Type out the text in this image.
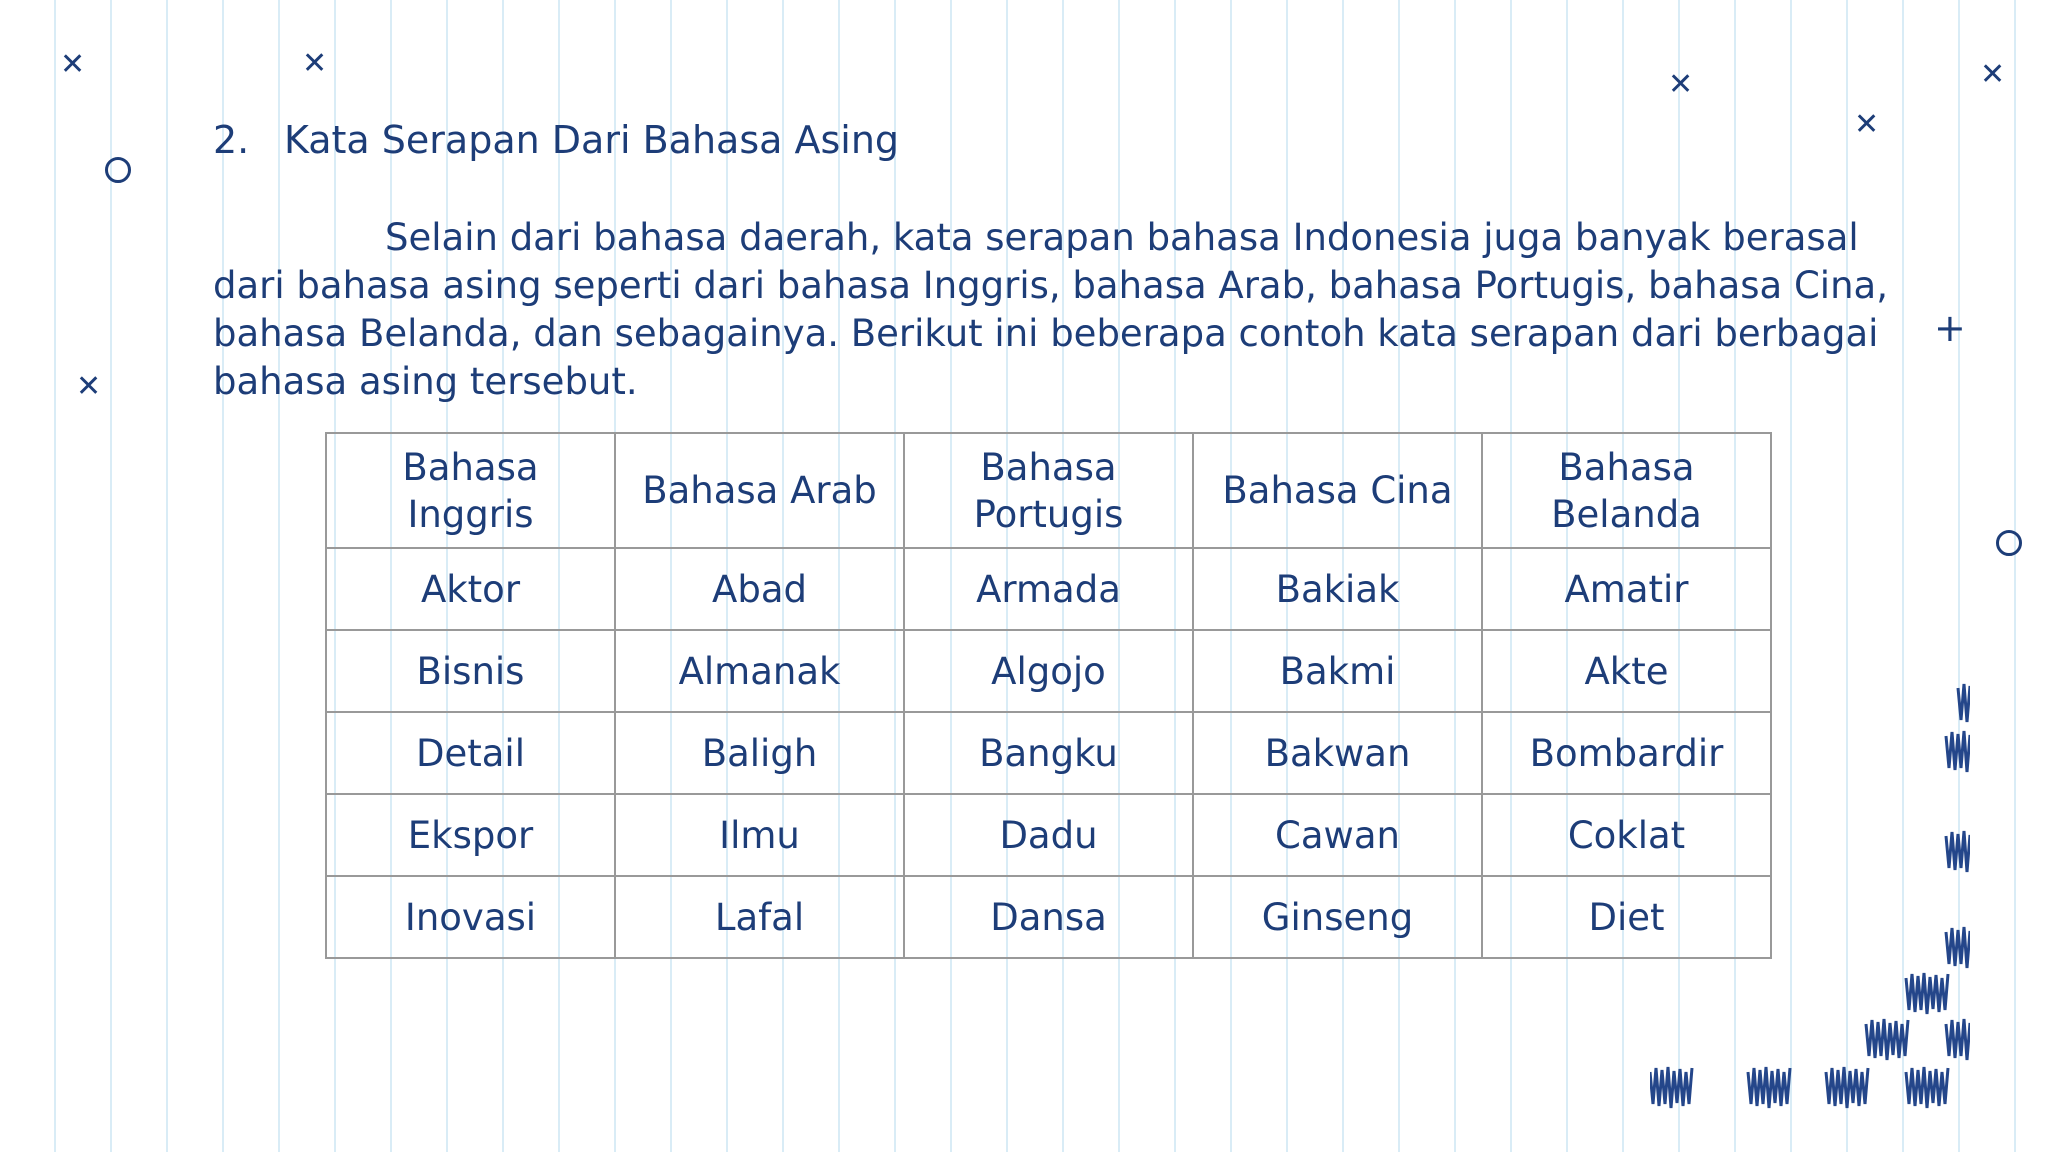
✕	✕
✕	✕
✕
✕
+
2. Kata Serapan Dari Bahasa Asing

Selain dari bahasa daerah, kata serapan bahasa Indonesia juga banyak berasal dari bahasa asing seperti dari bahasa Inggris, bahasa Arab, bahasa Portugis, bahasa Cina, bahasa Belanda, dan sebagainya. Berikut ini beberapa contoh kata serapan dari berbagai bahasa asing tersebut.

Bahasa Inggris	Bahasa Arab	Bahasa Portugis	Bahasa Cina	Bahasa Belanda
Aktor	Abad	Armada	Bakiak	Amatir
Bisnis	Almanak	Algojo	Bakmi	Akte
Detail	Baligh	Bangku	Bakwan	Bombardir
Ekspor	Ilmu	Dadu	Cawan	Coklat
Inovasi	Lafal	Dansa	Ginseng	Diet
